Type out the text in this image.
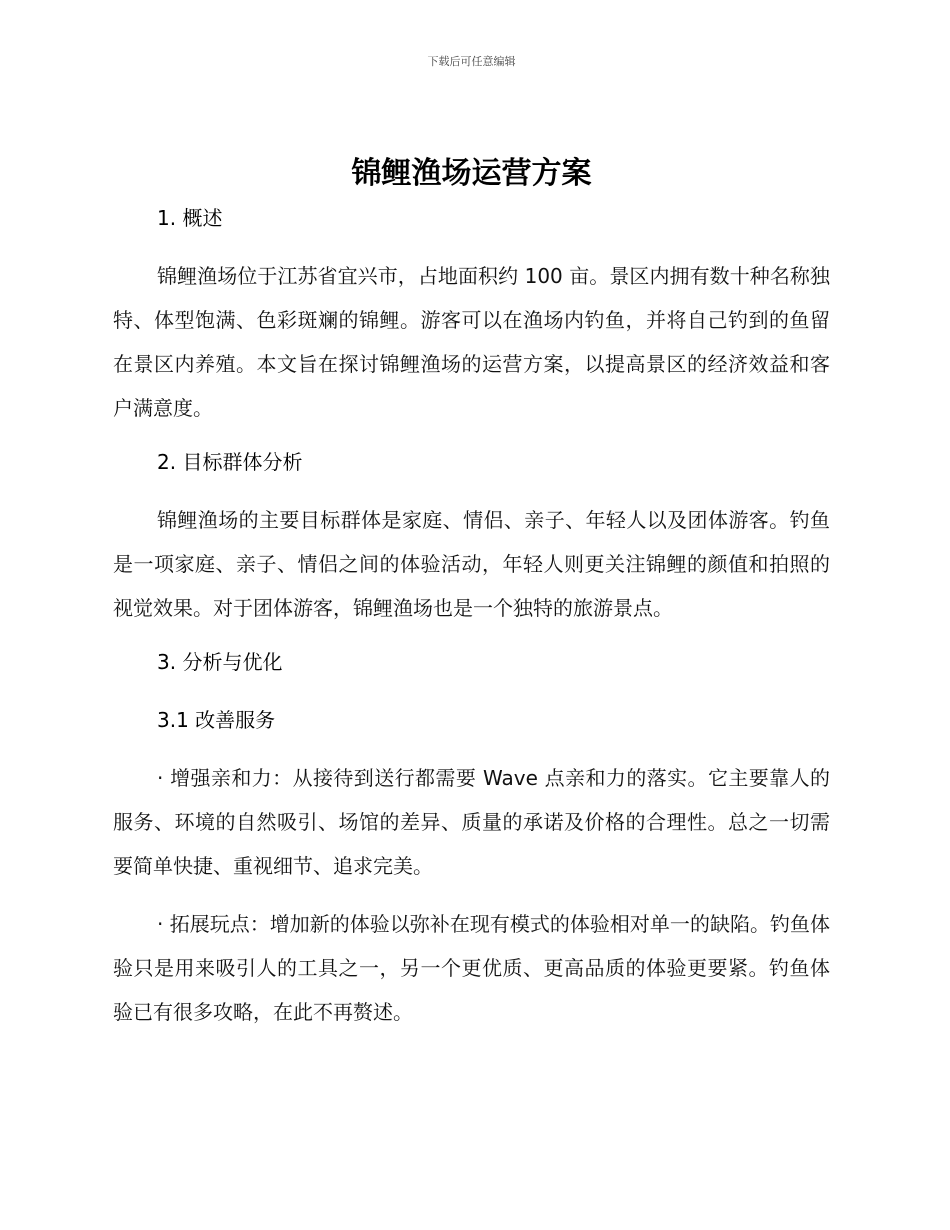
下载后可任意编辑
锦鲤渔场运营方案
1. 概述

锦鲤渔场位于江苏省宜兴市，占地面积约 100 亩。景区内拥有数十种名称独特、体型饱满、色彩斑斓的锦鲤。游客可以在渔场内钓鱼，并将自己钓到的鱼留在景区内养殖。本文旨在探讨锦鲤渔场的运营方案，以提高景区的经济效益和客户满意度。

2. 目标群体分析

锦鲤渔场的主要目标群体是家庭、情侣、亲子、年轻人以及团体游客。钓鱼是一项家庭、亲子、情侣之间的体验活动，年轻人则更关注锦鲤的颜值和拍照的视觉效果。对于团体游客，锦鲤渔场也是一个独特的旅游景点。

3. 分析与优化
3.1 改善服务

· 增强亲和力：从接待到送行都需要 Wave 点亲和力的落实。它主要靠人的服务、环境的自然吸引、场馆的差异、质量的承诺及价格的合理性。总之一切需要简单快捷、重视细节、追求完美。

· 拓展玩点：增加新的体验以弥补在现有模式的体验相对单一的缺陷。钓鱼体验只是用来吸引人的工具之一，另一个更优质、更高品质的体验更要紧。钓鱼体验已有很多攻略，在此不再赘述。
